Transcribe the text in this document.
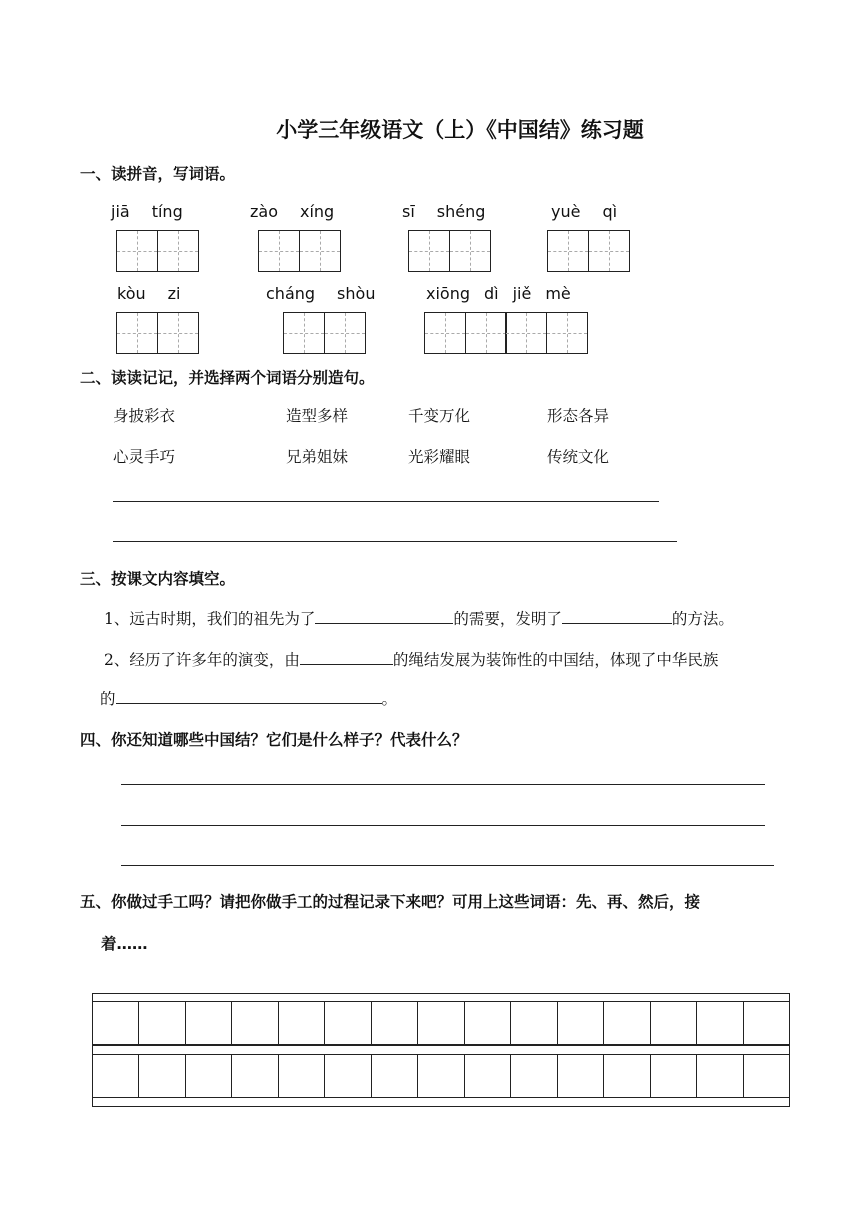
小学三年级语文（上）《中国结》练习题
一、读拼音，写词语。
jiā tíng	zào xíng	sī shéng	yuè qì
kòu zi	cháng shòu	xiōng dì jiě mè
二、读读记记，并选择两个词语分别造句。
身披彩衣	造型多样	千变万化	形态各异
心灵手巧	兄弟姐妹	光彩耀眼	传统文化
三、按课文内容填空。
1、远古时期，我们的祖先为了	的需要，发明了	的方法。
2、经历了许多年的演变，由	的绳结发展为装饰性的中国结，体现了中华民族
的	。
四、你还知道哪些中国结？它们是什么样子？代表什么？
五、你做过手工吗？请把你做手工的过程记录下来吧？可用上这些词语：先、再、然后，接
着……
